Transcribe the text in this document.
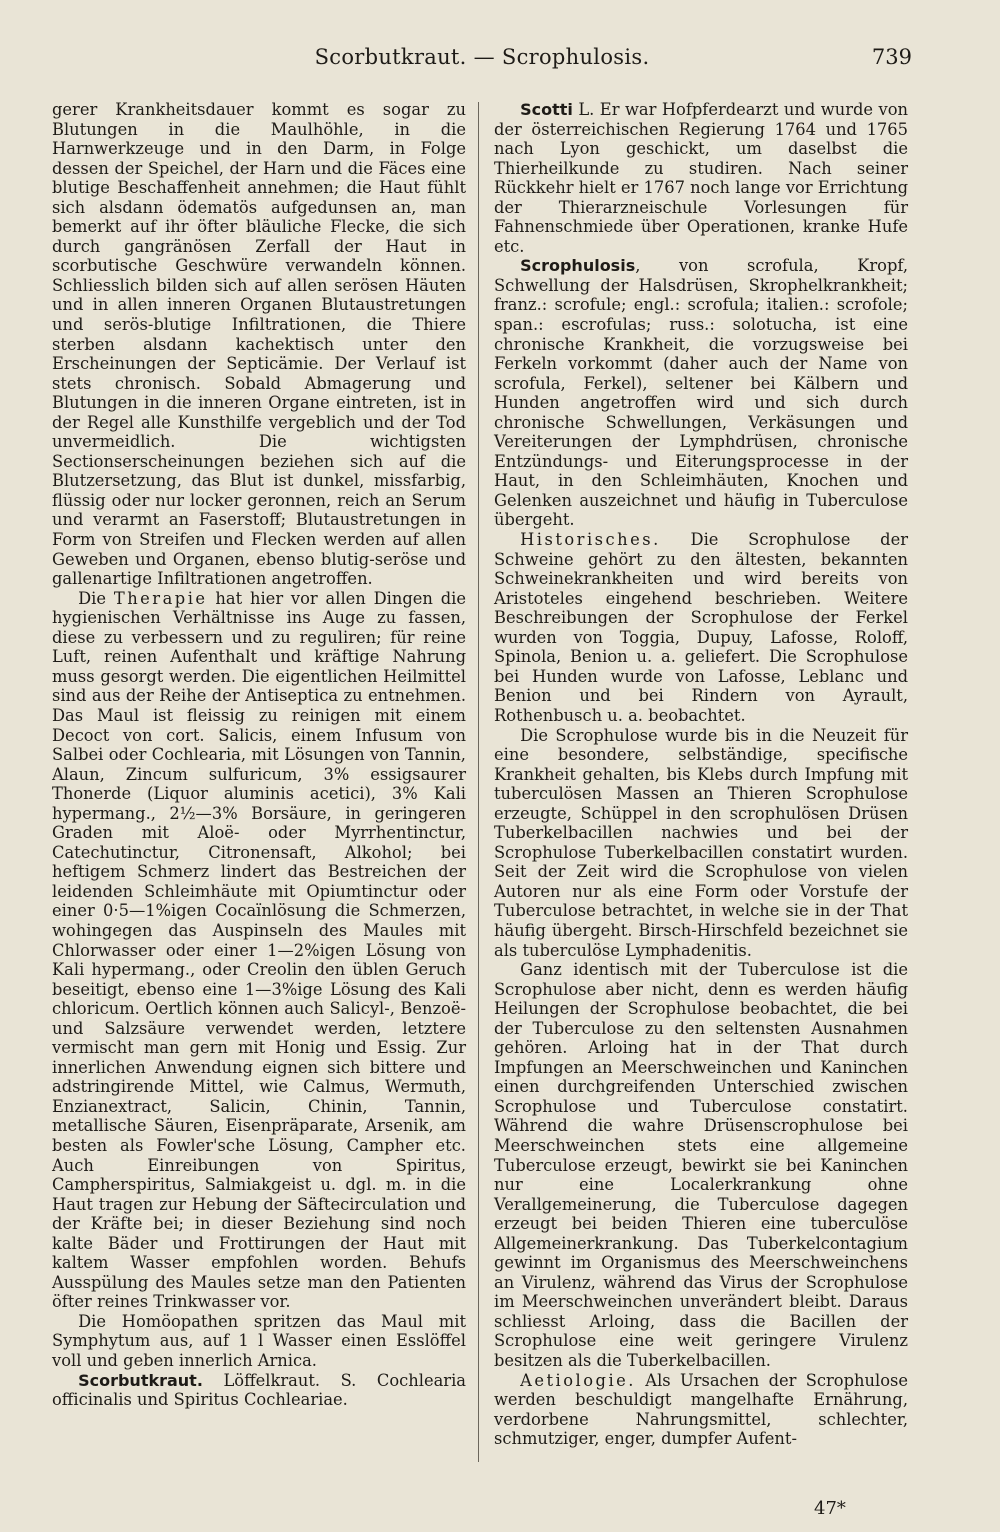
Scorbutkraut. — Scrophulosis.	739

gerer Krankheitsdauer kommt es sogar zu Blutungen in die Maulhöhle, in die Harnwerkzeuge und in den Darm, in Folge dessen der Speichel, der Harn und die Fäces eine blutige Beschaffenheit annehmen; die Haut fühlt sich alsdann ödematös aufgedunsen an, man bemerkt auf ihr öfter bläuliche Flecke, die sich durch gangränösen Zerfall der Haut in scorbutische Geschwüre verwandeln können. Schliesslich bilden sich auf allen serösen Häuten und in allen inneren Organen Blutaustretungen und serös-blutige Infiltrationen, die Thiere sterben alsdann kachektisch unter den Erscheinungen der Septicämie. Der Verlauf ist stets chronisch. Sobald Abmagerung und Blutungen in die inneren Organe eintreten, ist in der Regel alle Kunsthilfe vergeblich und der Tod unvermeidlich. Die wichtigsten Sectionserscheinungen beziehen sich auf die Blutzersetzung, das Blut ist dunkel, missfarbig, flüssig oder nur locker geronnen, reich an Serum und verarmt an Faserstoff; Blutaustretungen in Form von Streifen und Flecken werden auf allen Geweben und Organen, ebenso blutig-seröse und gallenartige Infiltrationen angetroffen.

Die Therapie hat hier vor allen Dingen die hygienischen Verhältnisse ins Auge zu fassen, diese zu verbessern und zu reguliren; für reine Luft, reinen Aufenthalt und kräftige Nahrung muss gesorgt werden. Die eigentlichen Heilmittel sind aus der Reihe der Antiseptica zu entnehmen. Das Maul ist fleissig zu reinigen mit einem Decoct von cort. Salicis, einem Infusum von Salbei oder Cochlearia, mit Lösungen von Tannin, Alaun, Zincum sulfuricum, 3% essigsaurer Thonerde (Liquor aluminis acetici), 3% Kali hypermang., 2½—3% Borsäure, in geringeren Graden mit Aloë- oder Myrrhentinctur, Catechutinctur, Citronensaft, Alkohol; bei heftigem Schmerz lindert das Bestreichen der leidenden Schleimhäute mit Opiumtinctur oder einer 0·5—1%igen Cocaïnlösung die Schmerzen, wohingegen das Auspinseln des Maules mit Chlorwasser oder einer 1—2%igen Lösung von Kali hypermang., oder Creolin den üblen Geruch beseitigt, ebenso eine 1—3%ige Lösung des Kali chloricum. Oertlich können auch Salicyl-, Benzoë- und Salzsäure verwendet werden, letztere vermischt man gern mit Honig und Essig. Zur innerlichen Anwendung eignen sich bittere und adstringirende Mittel, wie Calmus, Wermuth, Enzianextract, Salicin, Chinin, Tannin, metallische Säuren, Eisenpräparate, Arsenik, am besten als Fowler'sche Lösung, Campher etc. Auch Einreibungen von Spiritus, Campherspiritus, Salmiakgeist u. dgl. m. in die Haut tragen zur Hebung der Säftecirculation und der Kräfte bei; in dieser Beziehung sind noch kalte Bäder und Frottirungen der Haut mit kaltem Wasser empfohlen worden. Behufs Ausspülung des Maules setze man den Patienten öfter reines Trinkwasser vor.

Die Homöopathen spritzen das Maul mit Symphytum aus, auf 1 l Wasser einen Esslöffel voll und geben innerlich Arnica.

Scorbutkraut. Löffelkraut. S. Cochlearia officinalis und Spiritus Cochleariae.

Scotti L. Er war Hofpferdearzt und wurde von der österreichischen Regierung 1764 und 1765 nach Lyon geschickt, um daselbst die Thierheilkunde zu studiren. Nach seiner Rückkehr hielt er 1767 noch lange vor Errichtung der Thierarzneischule Vorlesungen für Fahnenschmiede über Operationen, kranke Hufe etc.

Scrophulosis, von scrofula, Kropf, Schwellung der Halsdrüsen, Skrophelkrankheit; franz.: scrofule; engl.: scrofula; italien.: scrofole; span.: escrofulas; russ.: solotucha, ist eine chronische Krankheit, die vorzugsweise bei Ferkeln vorkommt (daher auch der Name von scrofula, Ferkel), seltener bei Kälbern und Hunden angetroffen wird und sich durch chronische Schwellungen, Verkäsungen und Vereiterungen der Lymphdrüsen, chronische Entzündungs- und Eiterungsprocesse in der Haut, in den Schleimhäuten, Knochen und Gelenken auszeichnet und häufig in Tuberculose übergeht.

Historisches. Die Scrophulose der Schweine gehört zu den ältesten, bekannten Schweinekrankheiten und wird bereits von Aristoteles eingehend beschrieben. Weitere Beschreibungen der Scrophulose der Ferkel wurden von Toggia, Dupuy, Lafosse, Roloff, Spinola, Benion u. a. geliefert. Die Scrophulose bei Hunden wurde von Lafosse, Leblanc und Benion und bei Rindern von Ayrault, Rothenbusch u. a. beobachtet.

Die Scrophulose wurde bis in die Neuzeit für eine besondere, selbständige, specifische Krankheit gehalten, bis Klebs durch Impfung mit tuberculösen Massen an Thieren Scrophulose erzeugte, Schüppel in den scrophulösen Drüsen Tuberkelbacillen nachwies und bei der Scrophulose Tuberkelbacillen constatirt wurden. Seit der Zeit wird die Scrophulose von vielen Autoren nur als eine Form oder Vorstufe der Tuberculose betrachtet, in welche sie in der That häufig übergeht. Birsch-Hirschfeld bezeichnet sie als tuberculöse Lymphadenitis.

Ganz identisch mit der Tuberculose ist die Scrophulose aber nicht, denn es werden häufig Heilungen der Scrophulose beobachtet, die bei der Tuberculose zu den seltensten Ausnahmen gehören. Arloing hat in der That durch Impfungen an Meerschweinchen und Kaninchen einen durchgreifenden Unterschied zwischen Scrophulose und Tuberculose constatirt. Während die wahre Drüsenscrophulose bei Meerschweinchen stets eine allgemeine Tuberculose erzeugt, bewirkt sie bei Kaninchen nur eine Localerkrankung ohne Verallgemeinerung, die Tuberculose dagegen erzeugt bei beiden Thieren eine tuberculöse Allgemeinerkrankung. Das Tuberkelcontagium gewinnt im Organismus des Meerschweinchens an Virulenz, während das Virus der Scrophulose im Meerschweinchen unverändert bleibt. Daraus schliesst Arloing, dass die Bacillen der Scrophulose eine weit geringere Virulenz besitzen als die Tuberkelbacillen.

Aetiologie. Als Ursachen der Scrophulose werden beschuldigt mangelhafte Ernährung, verdorbene Nahrungsmittel, schlechter, schmutziger, enger, dumpfer Aufent-

47*
